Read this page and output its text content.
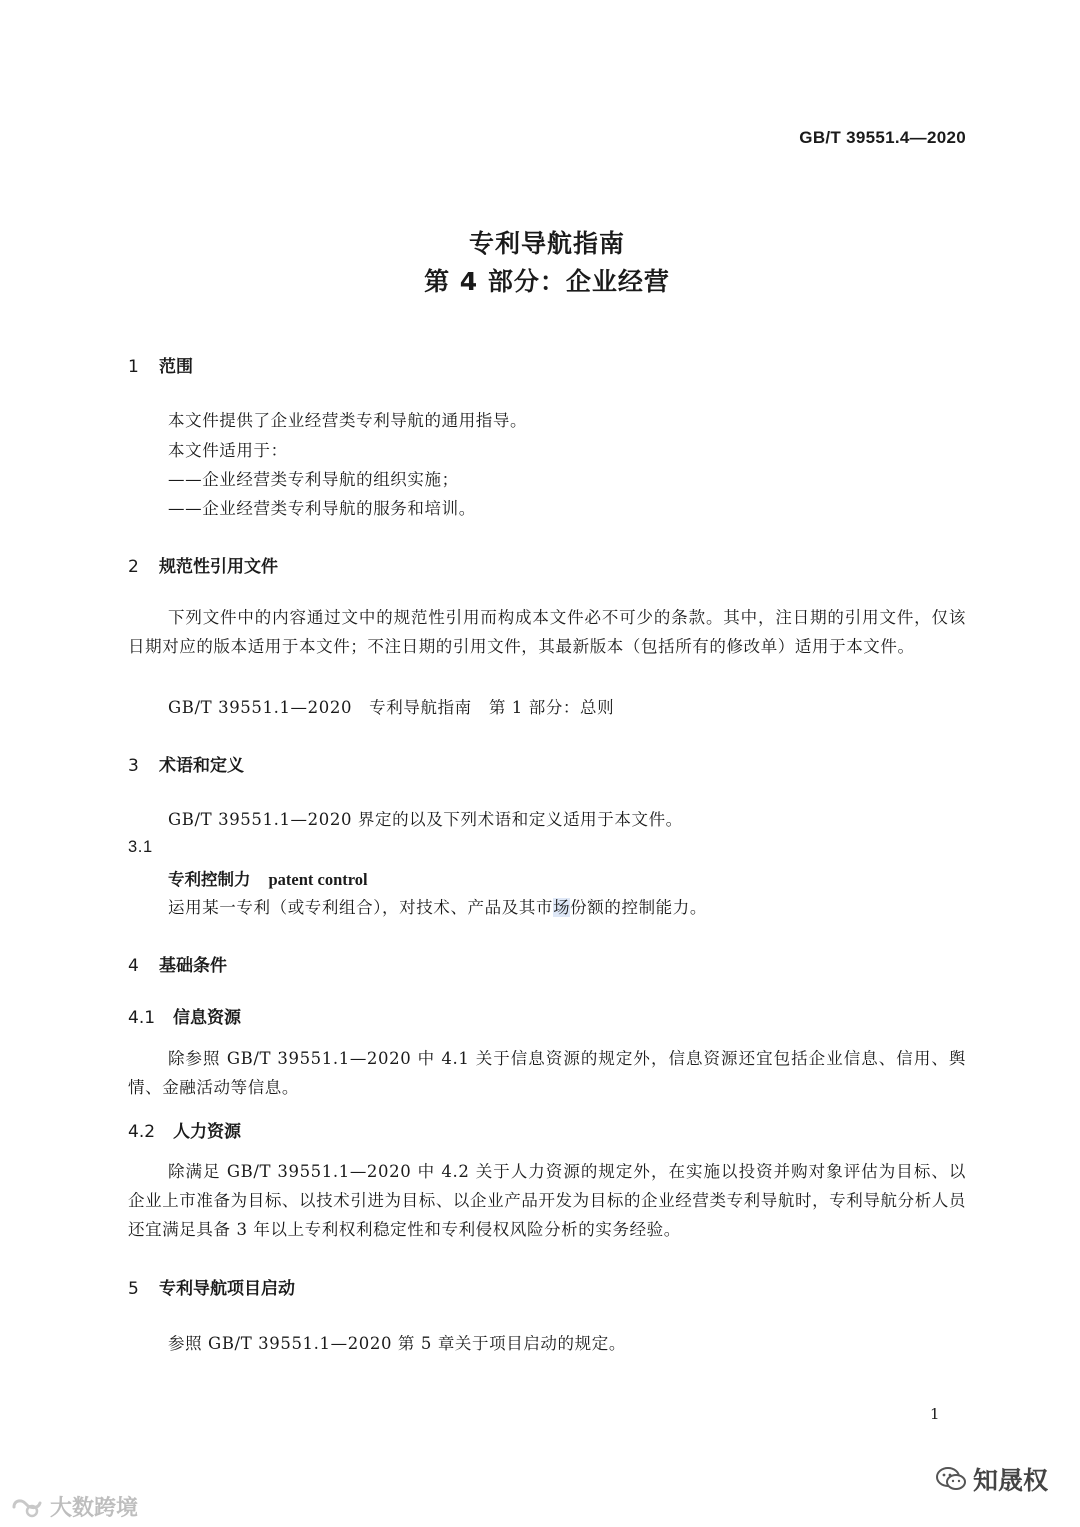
GB/T 39551.4—2020
专利导航指南
第 4 部分：企业经营
1 范围
本文件提供了企业经营类专利导航的通用指导。
本文件适用于：
——企业经营类专利导航的组织实施；
——企业经营类专利导航的服务和培训。
2 规范性引用文件
下列文件中的内容通过文中的规范性引用而构成本文件必不可少的条款。其中，注日期的引用文件，仅该日期对应的版本适用于本文件；不注日期的引用文件，其最新版本（包括所有的修改单）适用于本文件。
GB/T 39551.1—2020　专利导航指南　第 1 部分：总则
3 术语和定义
GB/T 39551.1—2020 界定的以及下列术语和定义适用于本文件。
3.1
专利控制力 patent control
运用某一专利（或专利组合），对技术、产品及其市场份额的控制能力。
4 基础条件
4.1 信息资源
除参照 GB/T 39551.1—2020 中 4.1 关于信息资源的规定外，信息资源还宜包括企业信息、信用、舆情、金融活动等信息。
4.2 人力资源
除满足 GB/T 39551.1—2020 中 4.2 关于人力资源的规定外，在实施以投资并购对象评估为目标、以企业上市准备为目标、以技术引进为目标、以企业产品开发为目标的企业经营类专利导航时，专利导航分析人员还宜满足具备 3 年以上专利权利稳定性和专利侵权风险分析的实务经验。
5 专利导航项目启动
参照 GB/T 39551.1—2020 第 5 章关于项目启动的规定。
1
大数跨境
知晟权
